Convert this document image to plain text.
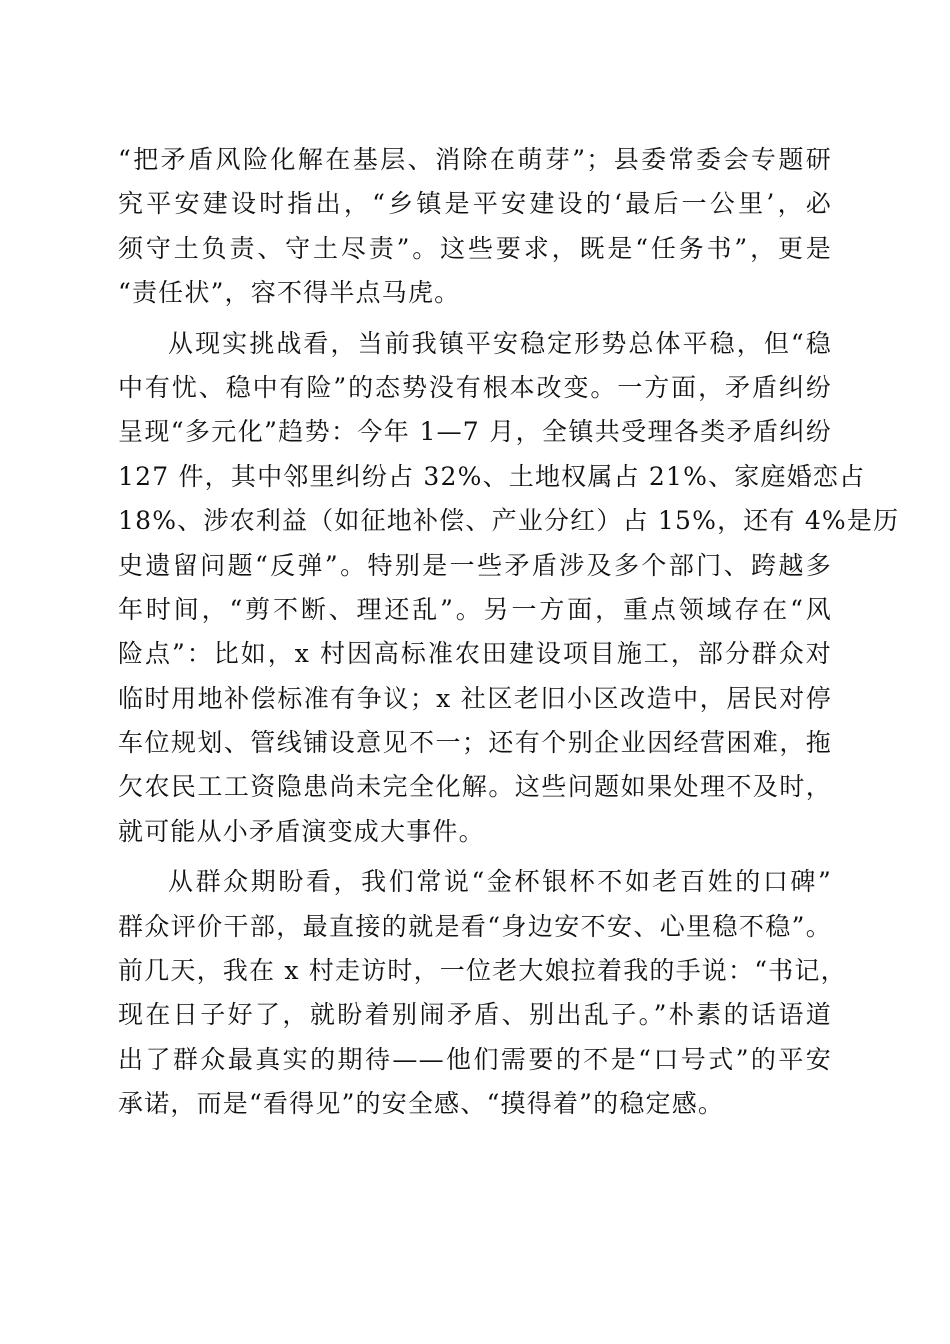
“把矛盾风险化解在基层、消除在萌芽”；县委常委会专题研
究平安建设时指出，“乡镇是平安建设的‘最后一公里’，必
须守土负责、守土尽责”。这些要求，既是“任务书”，更是
“责任状”，容不得半点马虎。
从现实挑战看，当前我镇平安稳定形势总体平稳，但“稳
中有忧、稳中有险”的态势没有根本改变。一方面，矛盾纠纷
呈现“多元化”趋势：今年 1—7 月，全镇共受理各类矛盾纠纷
127 件，其中邻里纠纷占 32%、土地权属占 21%、家庭婚恋占
18%、涉农利益（如征地补偿、产业分红）占 15%，还有 4%是历
史遗留问题“反弹”。特别是一些矛盾涉及多个部门、跨越多
年时间，“剪不断、理还乱”。另一方面，重点领域存在“风
险点”：比如，x 村因高标准农田建设项目施工，部分群众对
临时用地补偿标准有争议；x 社区老旧小区改造中，居民对停
车位规划、管线铺设意见不一；还有个别企业因经营困难，拖
欠农民工工资隐患尚未完全化解。这些问题如果处理不及时，
就可能从小矛盾演变成大事件。
从群众期盼看，我们常说“金杯银杯不如老百姓的口碑”
群众评价干部，最直接的就是看“身边安不安、心里稳不稳”。
前几天，我在 x 村走访时，一位老大娘拉着我的手说：“书记，
现在日子好了，就盼着别闹矛盾、别出乱子。”朴素的话语道
出了群众最真实的期待——他们需要的不是“口号式”的平安
承诺，而是“看得见”的安全感、“摸得着”的稳定感。
